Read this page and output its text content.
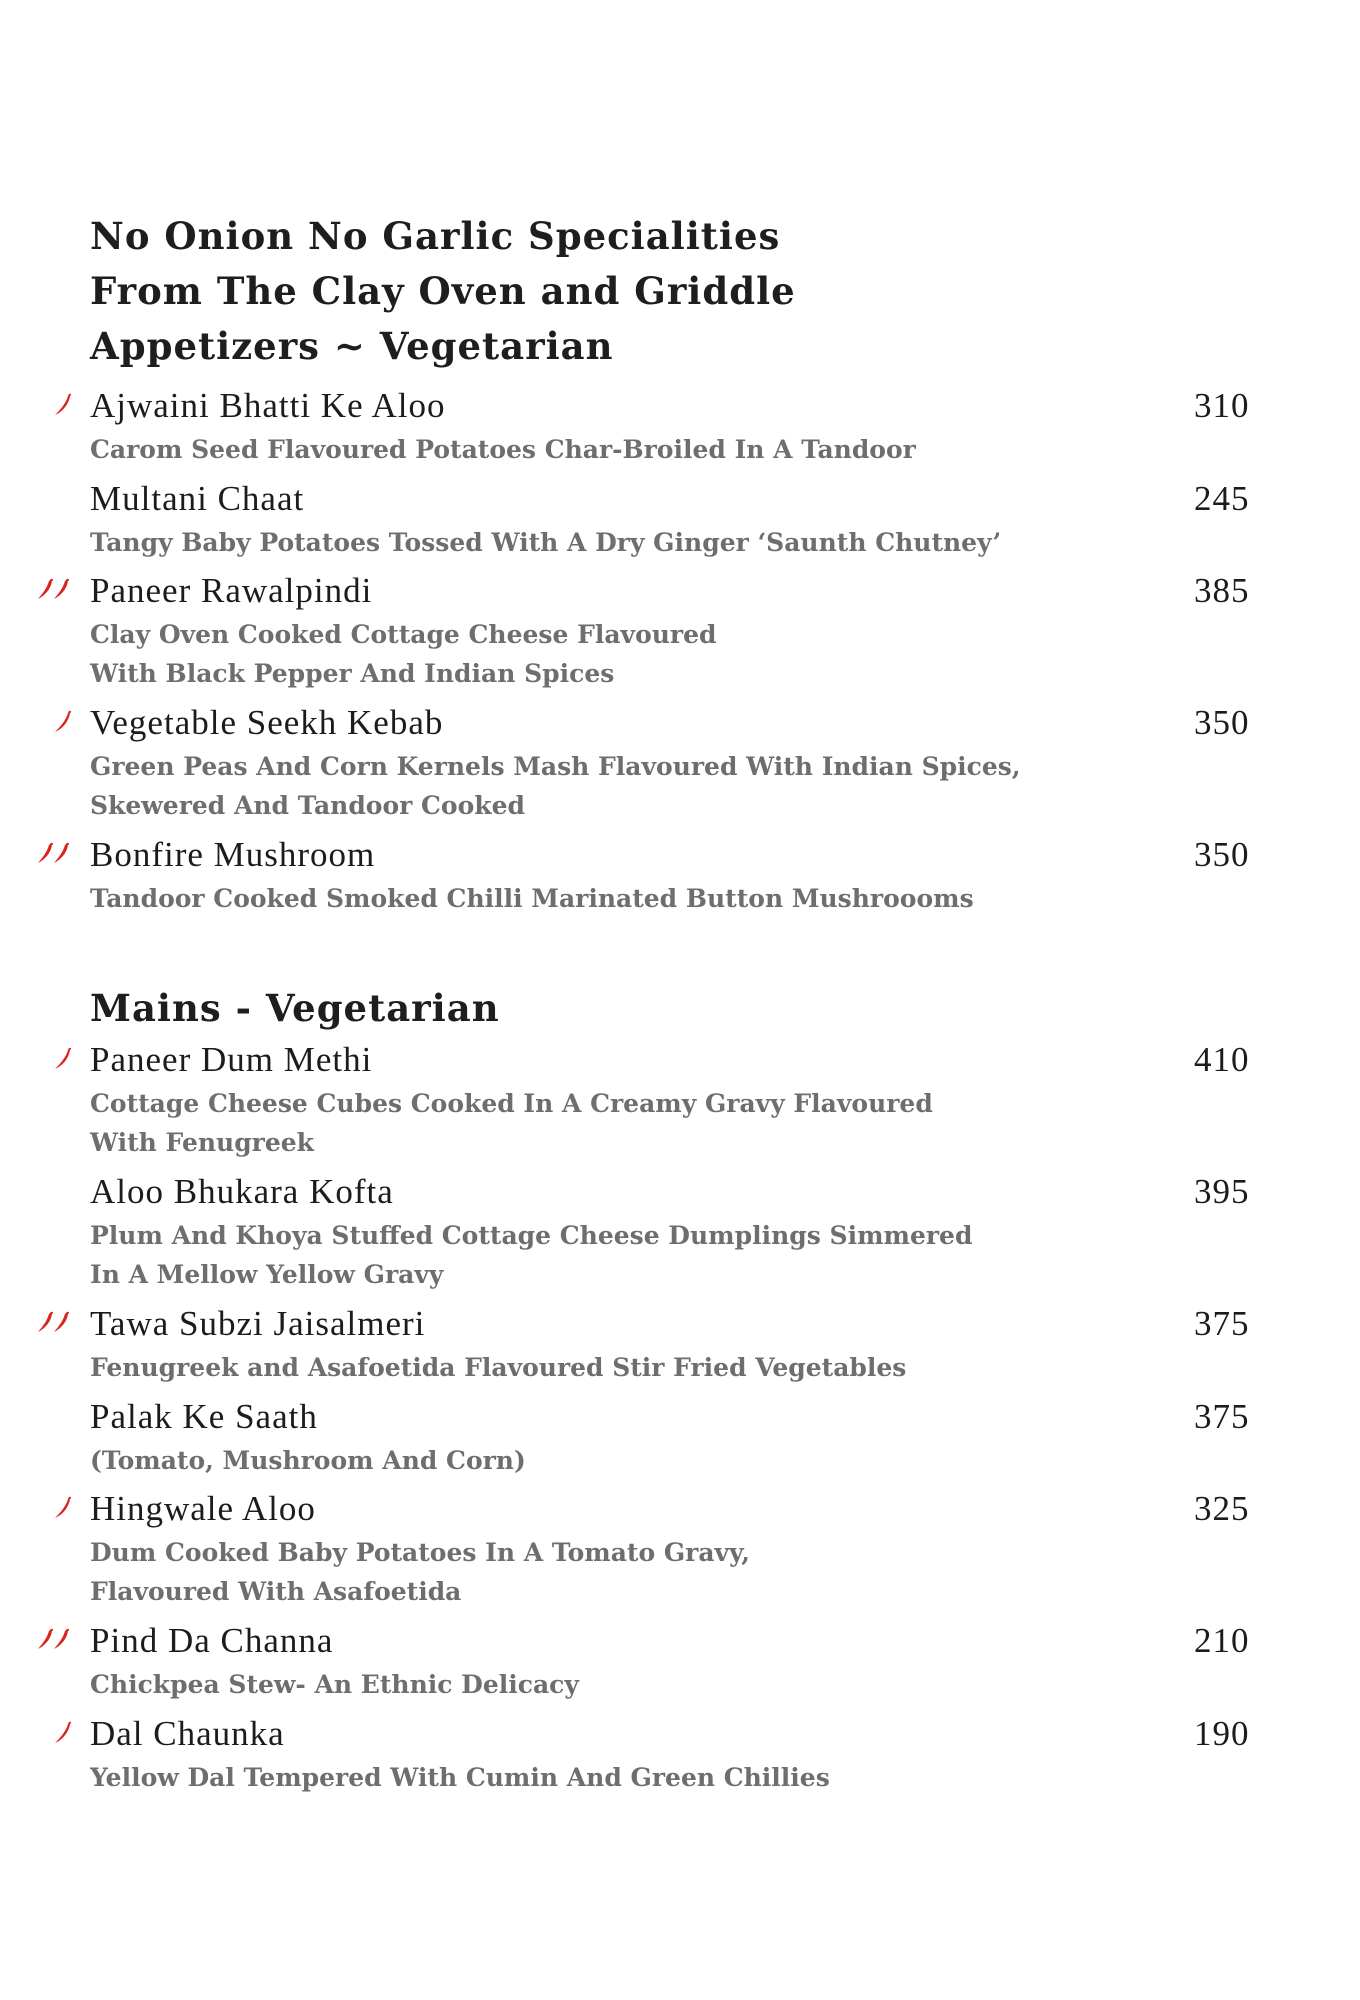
No Onion No Garlic Specialities
From The Clay Oven and Griddle
Appetizers ~ Vegetarian
Ajwaini Bhatti Ke Aloo	310
Carom Seed Flavoured Potatoes Char-Broiled In A Tandoor
Multani Chaat	245
Tangy Baby Potatoes Tossed With A Dry Ginger ‘Saunth Chutney’
Paneer Rawalpindi	385
Clay Oven Cooked Cottage Cheese Flavoured
With Black Pepper And Indian Spices
Vegetable Seekh Kebab	350
Green Peas And Corn Kernels Mash Flavoured With Indian Spices,
Skewered And Tandoor Cooked
Bonfire Mushroom	350
Tandoor Cooked Smoked Chilli Marinated Button Mushroooms
Mains - Vegetarian
Paneer Dum Methi	410
Cottage Cheese Cubes Cooked In A Creamy Gravy Flavoured
With Fenugreek
Aloo Bhukara Kofta	395
Plum And Khoya Stuffed Cottage Cheese Dumplings Simmered
In A Mellow Yellow Gravy
Tawa Subzi Jaisalmeri	375
Fenugreek and Asafoetida Flavoured Stir Fried Vegetables
Palak Ke Saath	375
(Tomato, Mushroom And Corn)
Hingwale Aloo	325
Dum Cooked Baby Potatoes In A Tomato Gravy,
Flavoured With Asafoetida
Pind Da Channa	210
Chickpea Stew- An Ethnic Delicacy
Dal Chaunka	190
Yellow Dal Tempered With Cumin And Green Chillies
